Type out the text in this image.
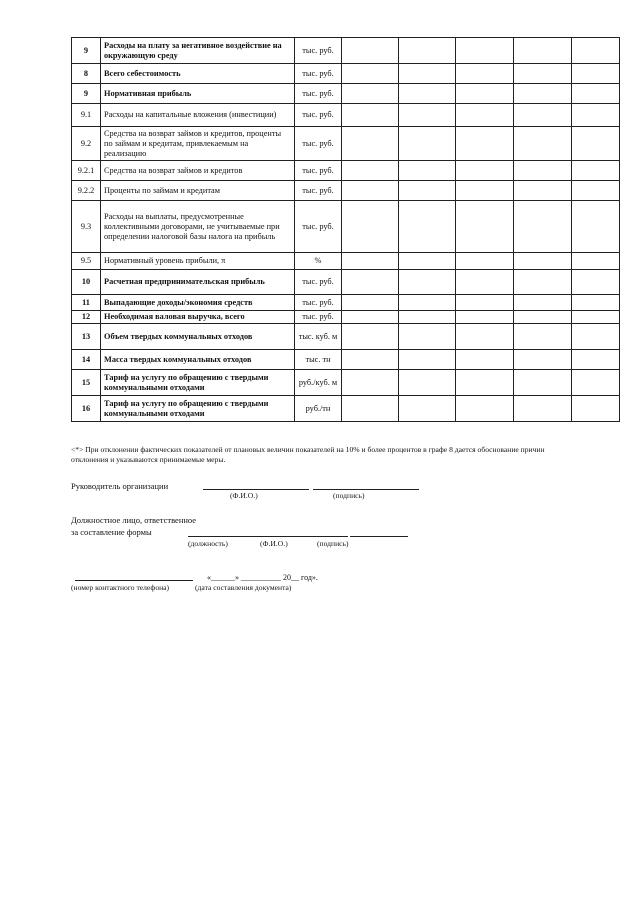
9	Расходы на плату за негативное воздействие на окружающую среду	тыс. руб.					
8	Всего себестоимость	тыс. руб.					
9	Нормативная прибыль	тыс. руб.					
9.1	Расходы на капитальные вложения (инвестиции)	тыс. руб.					
9.2	Средства на возврат займов и кредитов, проценты по займам и кредитам, привлекаемым на реализацию	тыс. руб.					
9.2.1	Средства на возврат займов и кредитов	тыс. руб.					
9.2.2	Проценты по займам и кредитам	тыс. руб.					
9.3	Расходы на выплаты, предусмотренные коллективными договорами, не учитываемые при определении налоговой базы налога на прибыль	тыс. руб.					
9.5	Нормативный уровень прибыли, π	%					
10	Расчетная предпринимательская прибыль	тыс. руб.					
11	Выпадающие доходы/экономия средств	тыс. руб.					
12	Необходимая валовая выручка, всего	тыс. руб.					
13	Объем твердых коммунальных отходов	тыс. куб. м					
14	Масса твердых коммунальных отходов	тыс. тн					
15	Тариф на услугу по обращению с твердыми коммунальными отходами	руб./куб. м					
16	Тариф на услугу по обращению с твердыми коммунальными отходами	руб./тн					
<*> При отклонении фактических показателей от плановых величин показателей на 10% и более процентов в графе 8 дается обоснование причин отклонения и указываются принимаемые меры.
Руководитель организации
(Ф.И.О.)	(подпись)
Должностное лицо, ответственное
за составление формы
(должность)	(Ф.И.О.)	(подпись)
«______» __________ 20__ год».
(номер контактного телефона)	(дата составления документа)
